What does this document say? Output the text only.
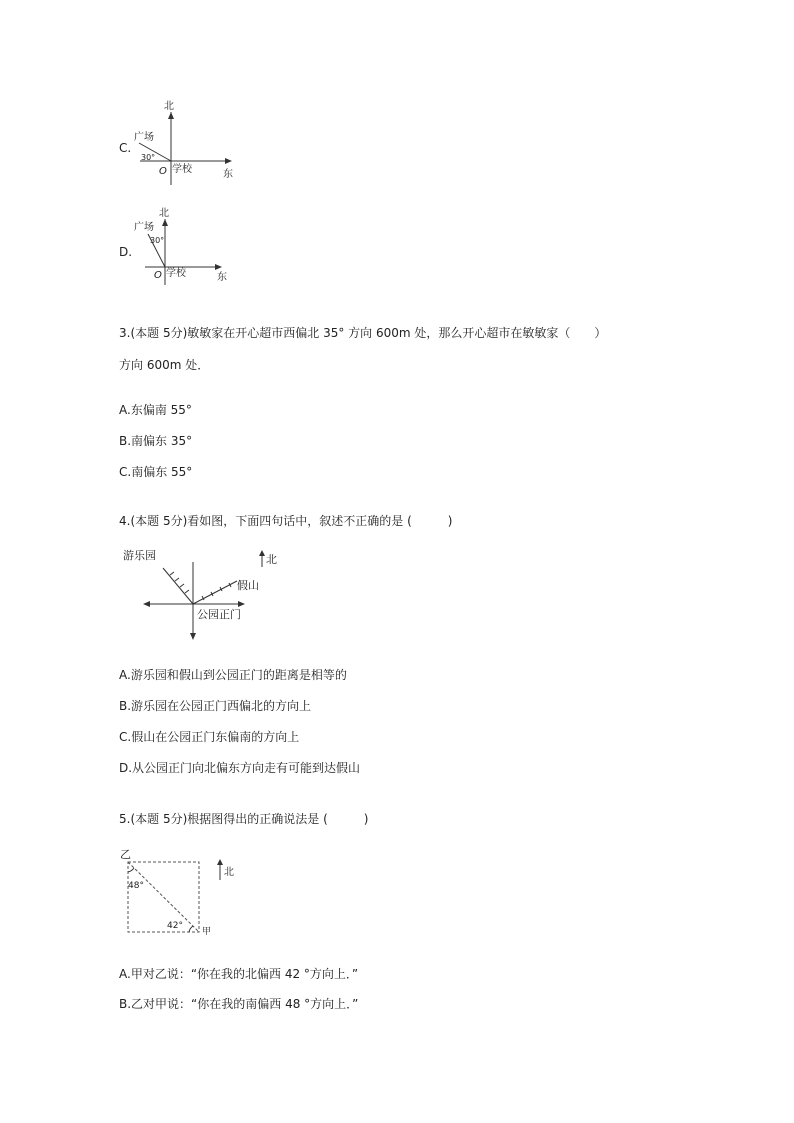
C.
北
广场
30°
O 学校	东
D.
北
广场
30°
O 学校	东
3.(本题 5分)敏敏家在开心超市西偏北 35° 方向 600m 处，那么开心超市在敏敏家（　　）
方向 600m 处．
A.东偏南 55°
B.南偏东 35°
C.南偏东 55°
4.(本题 5分)看如图，下面四句话中，叙述不正确的是 (　　　)
游乐园	北
假山
公园正门
A.游乐园和假山到公园正门的距离是相等的
B.游乐园在公园正门西偏北的方向上
C.假山在公园正门东偏南的方向上
D.从公园正门向北偏东方向走有可能到达假山
5.(本题 5分)根据图得出的正确说法是 (　　　)
乙
48°
42°
甲
北
A.甲对乙说：“你在我的北偏西 42 °方向上．”
B.乙对甲说：“你在我的南偏西 48 °方向上．”
